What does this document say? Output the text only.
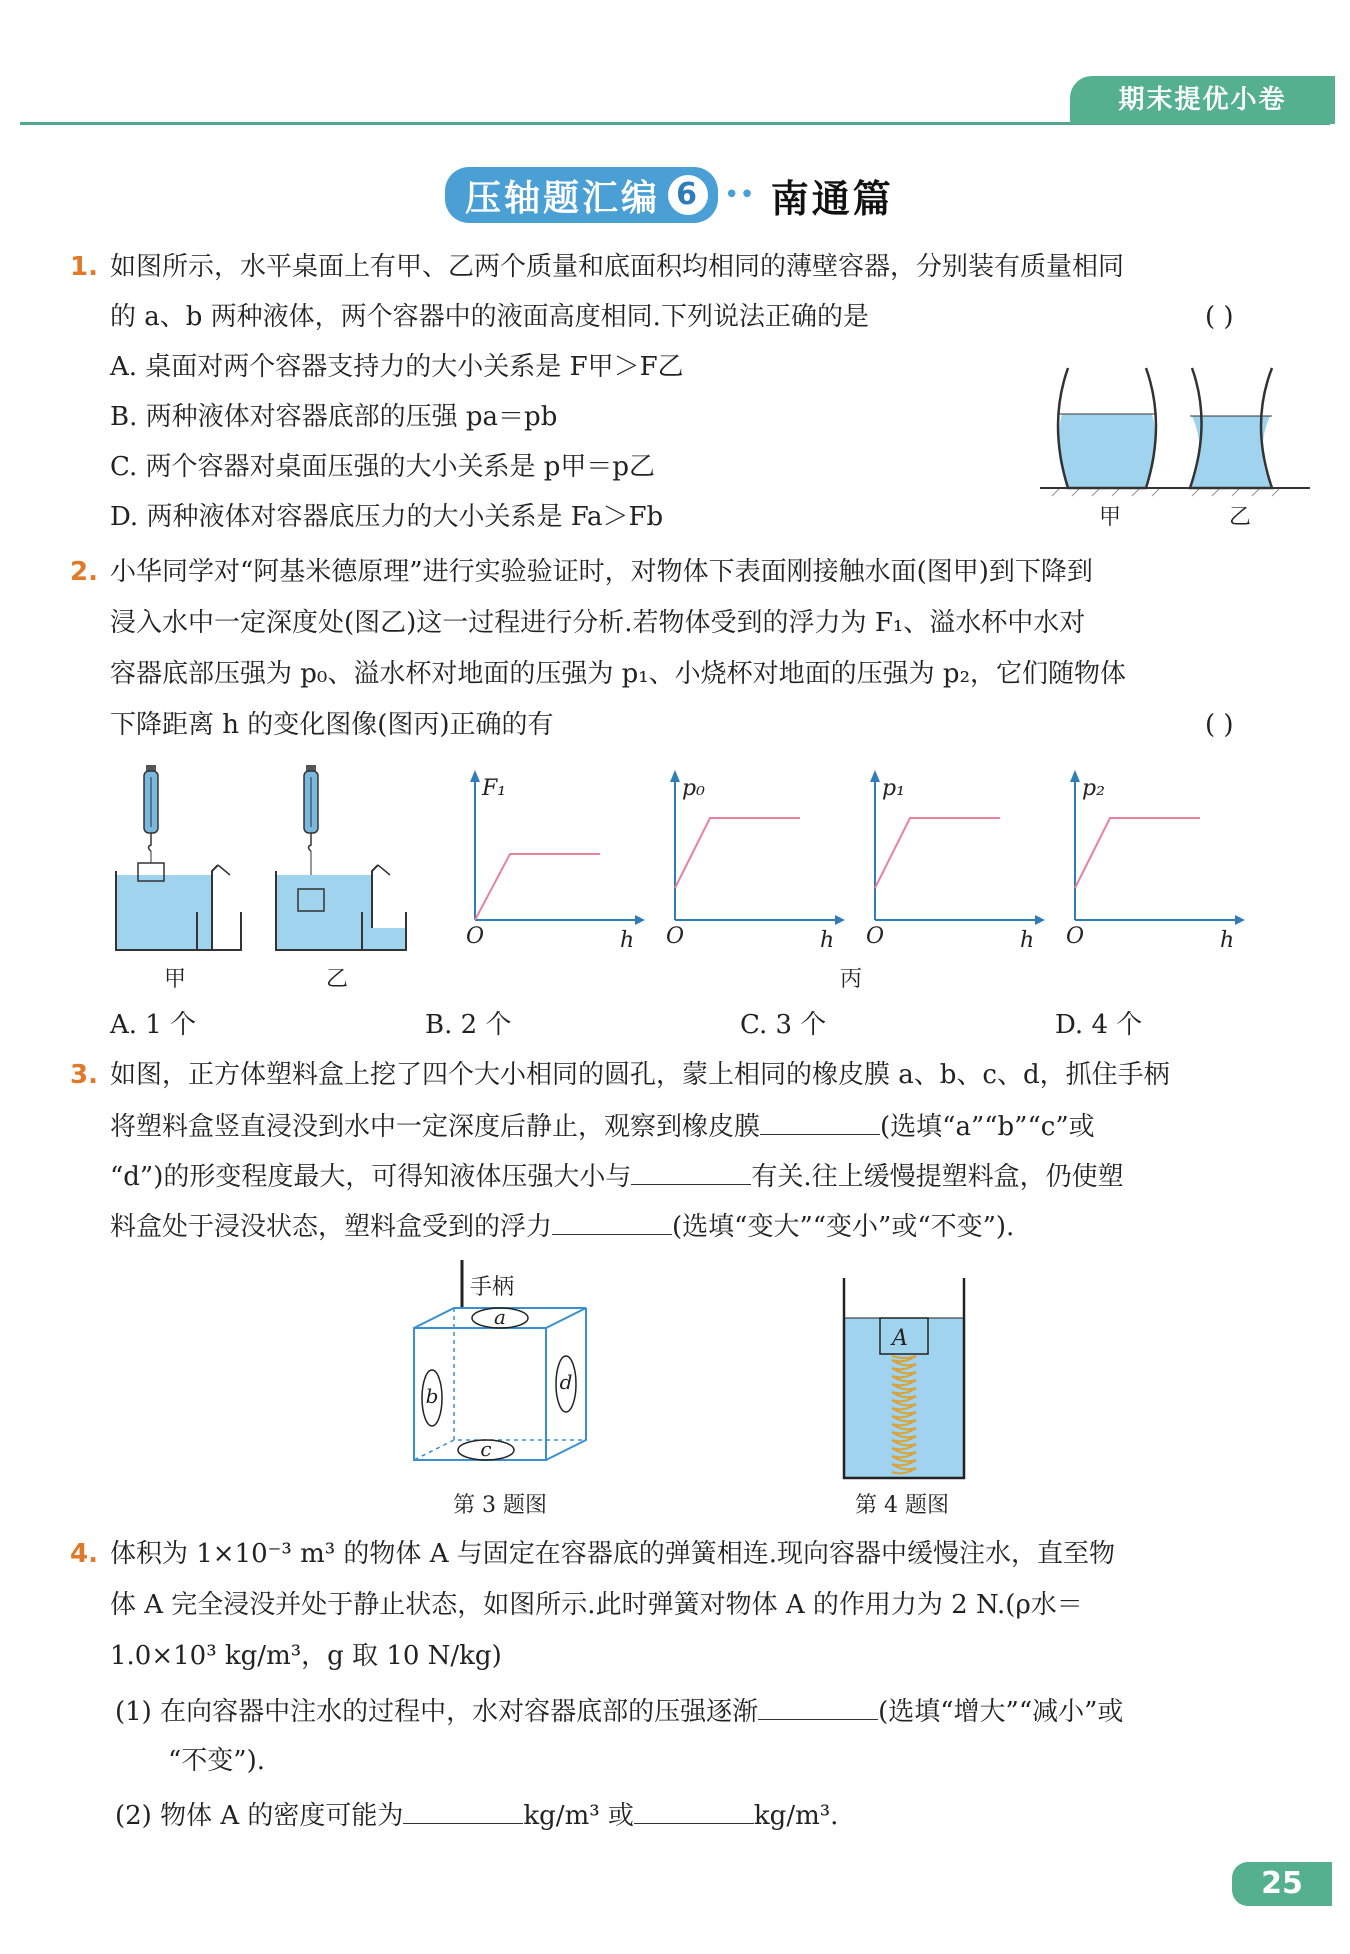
期末提优小卷
压轴题汇编 6 •• 南通篇
1. 如图所示，水平桌面上有甲、乙两个质量和底面积均相同的薄壁容器，分别装有质量相同
的 a、b 两种液体，两个容器中的液面高度相同.下列说法正确的是	( )
A. 桌面对两个容器支持力的大小关系是 F甲＞F乙
B. 两种液体对容器底部的压强 pa＝pb
C. 两个容器对桌面压强的大小关系是 p甲＝p乙
D. 两种液体对容器底压力的大小关系是 Fa＞Fb	甲	乙
2. 小华同学对“阿基米德原理”进行实验验证时，对物体下表面刚接触水面(图甲)到下降到
浸入水中一定深度处(图乙)这一过程进行分析.若物体受到的浮力为 F₁、溢水杯中水对
容器底部压强为 p₀、溢水杯对地面的压强为 p₁、小烧杯对地面的压强为 p₂，它们随物体
下降距离 h 的变化图像(图丙)正确的有	( )
甲	乙
F₁	p₀	p₁	p₂
O	O	O	O
h	h	h	h
丙
A. 1 个	B. 2 个	C. 3 个	D. 4 个
3. 如图，正方体塑料盒上挖了四个大小相同的圆孔，蒙上相同的橡皮膜 a、b、c、d，抓住手柄
将塑料盒竖直浸没到水中一定深度后静止，观察到橡皮膜	(选填“a”“b”“c”或
“d”)的形变程度最大，可得知液体压强大小与	有关.往上缓慢提塑料盒，仍使塑
料盒处于浸没状态，塑料盒受到的浮力	(选填“变大”“变小”或“不变”).
手柄
a
b
c
d
第 3 题图
A
第 4 题图
4. 体积为 1×10⁻³ m³ 的物体 A 与固定在容器底的弹簧相连.现向容器中缓慢注水，直至物
体 A 完全浸没并处于静止状态，如图所示.此时弹簧对物体 A 的作用力为 2 N.(ρ水＝
1.0×10³ kg/m³，g 取 10 N/kg)
(1) 在向容器中注水的过程中，水对容器底部的压强逐渐	(选填“增大”“减小”或
“不变”).
(2) 物体 A 的密度可能为	kg/m³ 或	kg/m³.
25
